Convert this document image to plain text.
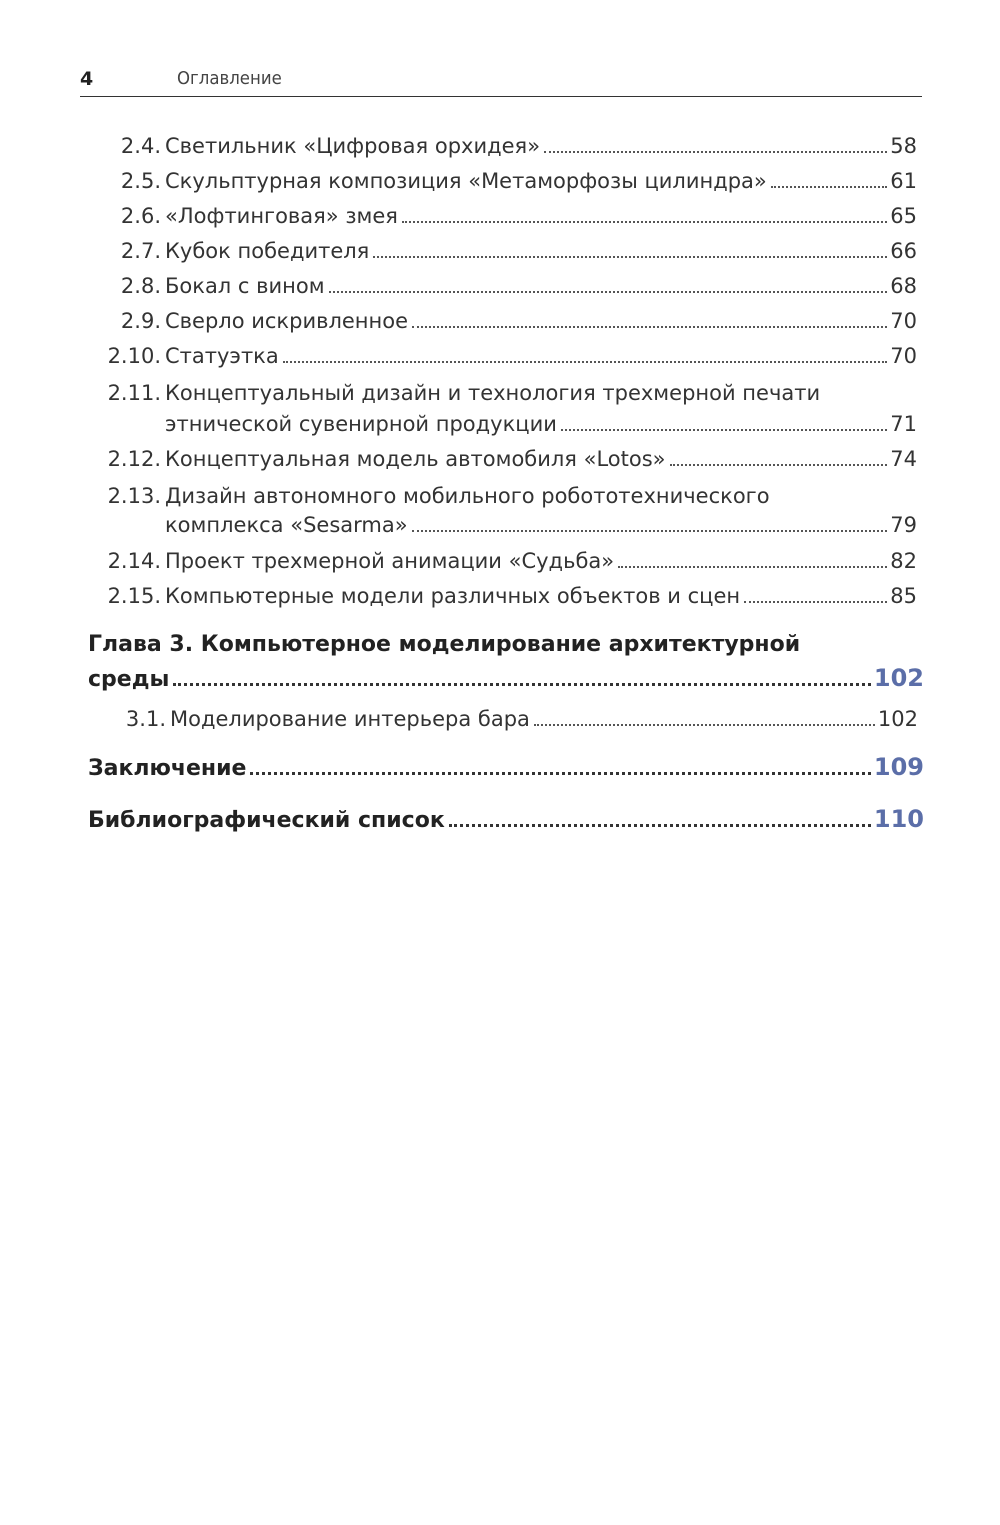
4	Оглавление
2.4. Светильник «Цифровая орхидея»	58
2.5. Скульптурная композиция «Метаморфозы цилиндра»	61
2.6. «Лофтинговая» змея	65
2.7. Кубок победителя	66
2.8. Бокал с вином	68
2.9. Сверло искривленное	70
2.10. Статуэтка	70
2.11. Концептуальный дизайн и технология трехмерной печати
этнической сувенирной продукции	71
2.12. Концептуальная модель автомобиля «Lotos»	74
2.13. Дизайн автономного мобильного робототехнического
комплекса «Sesarma»	79
2.14. Проект трехмерной анимации «Судьба»	82
2.15. Компьютерные модели различных объектов и сцен	85
Глава 3. Компьютерное моделирование архитектурной
среды	102
3.1. Моделирование интерьера бара	102
Заключение	109
Библиографический список	110
